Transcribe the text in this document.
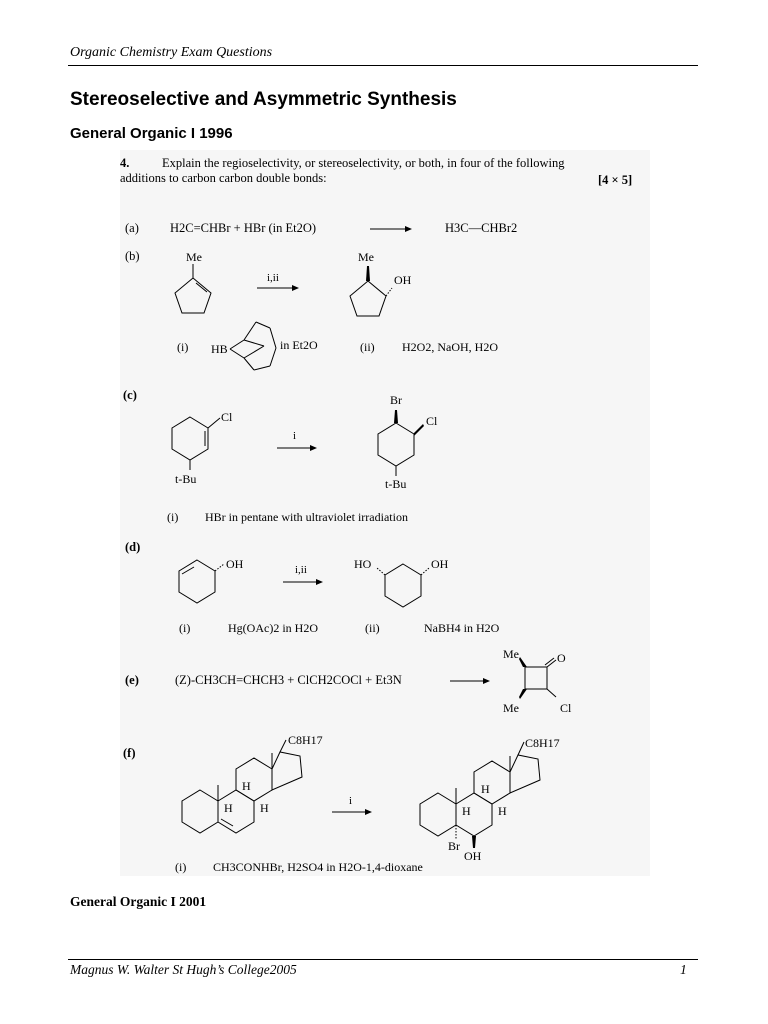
Organic Chemistry Exam Questions
Stereoselective and Asymmetric Synthesis
General Organic I 1996
4.	Explain the regioselectivity, or stereoselectivity, or both, in four of the following
additions to carbon carbon double bonds:	[4 × 5]
(a) H2C=CHBr + HBr (in Et2O)	H3C—CHBr2
(b)	Me
i,ii
Me
OH
(i) HB	in Et2O	(ii) H2O2, NaOH, H2O
(c)
Cl
t-Bu
i
Br
Cl
t-Bu
(i) HBr in pentane with ultraviolet irradiation
(d)
OH	i,ii	HO	OH
(i)	Hg(OAc)2 in H2O	(ii)	NaBH4 in H2O
(e)	(Z)-CH3CH=CHCH3 + ClCH2COCl + Et3N
Me	O
Me	Cl
(f)
C8H17
H
H H	i
C8H17
H
H H
Br
OH
(i) CH3CONHBr, H2SO4 in H2O-1,4-dioxane
General Organic I 2001
Magnus W. Walter St Hugh’s College2005	1
